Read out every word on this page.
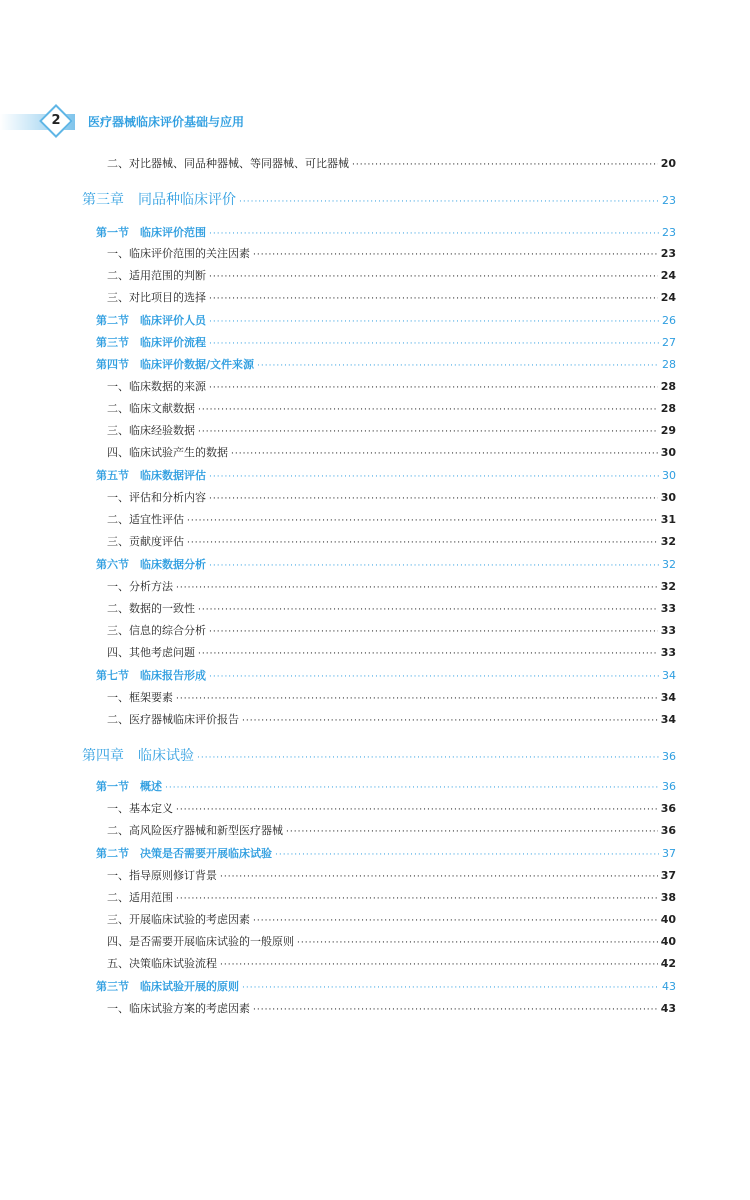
2	医疗器械临床评价基础与应用
二、对比器械、同品种器械、等同器械、可比器械 ·····	20
第三章　同品种临床评价 ·····	23
第一节　临床评价范围 ·····	23
一、临床评价范围的关注因素 ·····	23
二、适用范围的判断 ·····	24
三、对比项目的选择 ·····	24
第二节　临床评价人员 ·····	26
第三节　临床评价流程 ·····	27
第四节　临床评价数据/文件来源 ·····	28
一、临床数据的来源 ·····	28
二、临床文献数据 ·····	28
三、临床经验数据 ·····	29
四、临床试验产生的数据 ·····	30
第五节　临床数据评估 ·····	30
一、评估和分析内容 ·····	30
二、适宜性评估 ·····	31
三、贡献度评估 ·····	32
第六节　临床数据分析 ·····	32
一、分析方法 ·····	32
二、数据的一致性 ·····	33
三、信息的综合分析 ·····	33
四、其他考虑问题 ·····	33
第七节　临床报告形成 ·····	34
一、框架要素 ·····	34
二、医疗器械临床评价报告 ·····	34
第四章　临床试验 ·····	36
第一节　概述 ·····	36
一、基本定义 ·····	36
二、高风险医疗器械和新型医疗器械 ·····	36
第二节　决策是否需要开展临床试验 ·····	37
一、指导原则修订背景 ·····	37
二、适用范围 ·····	38
三、开展临床试验的考虑因素 ·····	40
四、是否需要开展临床试验的一般原则 ·····	40
五、决策临床试验流程 ·····	42
第三节　临床试验开展的原则 ·····	43
一、临床试验方案的考虑因素 ·····	43
